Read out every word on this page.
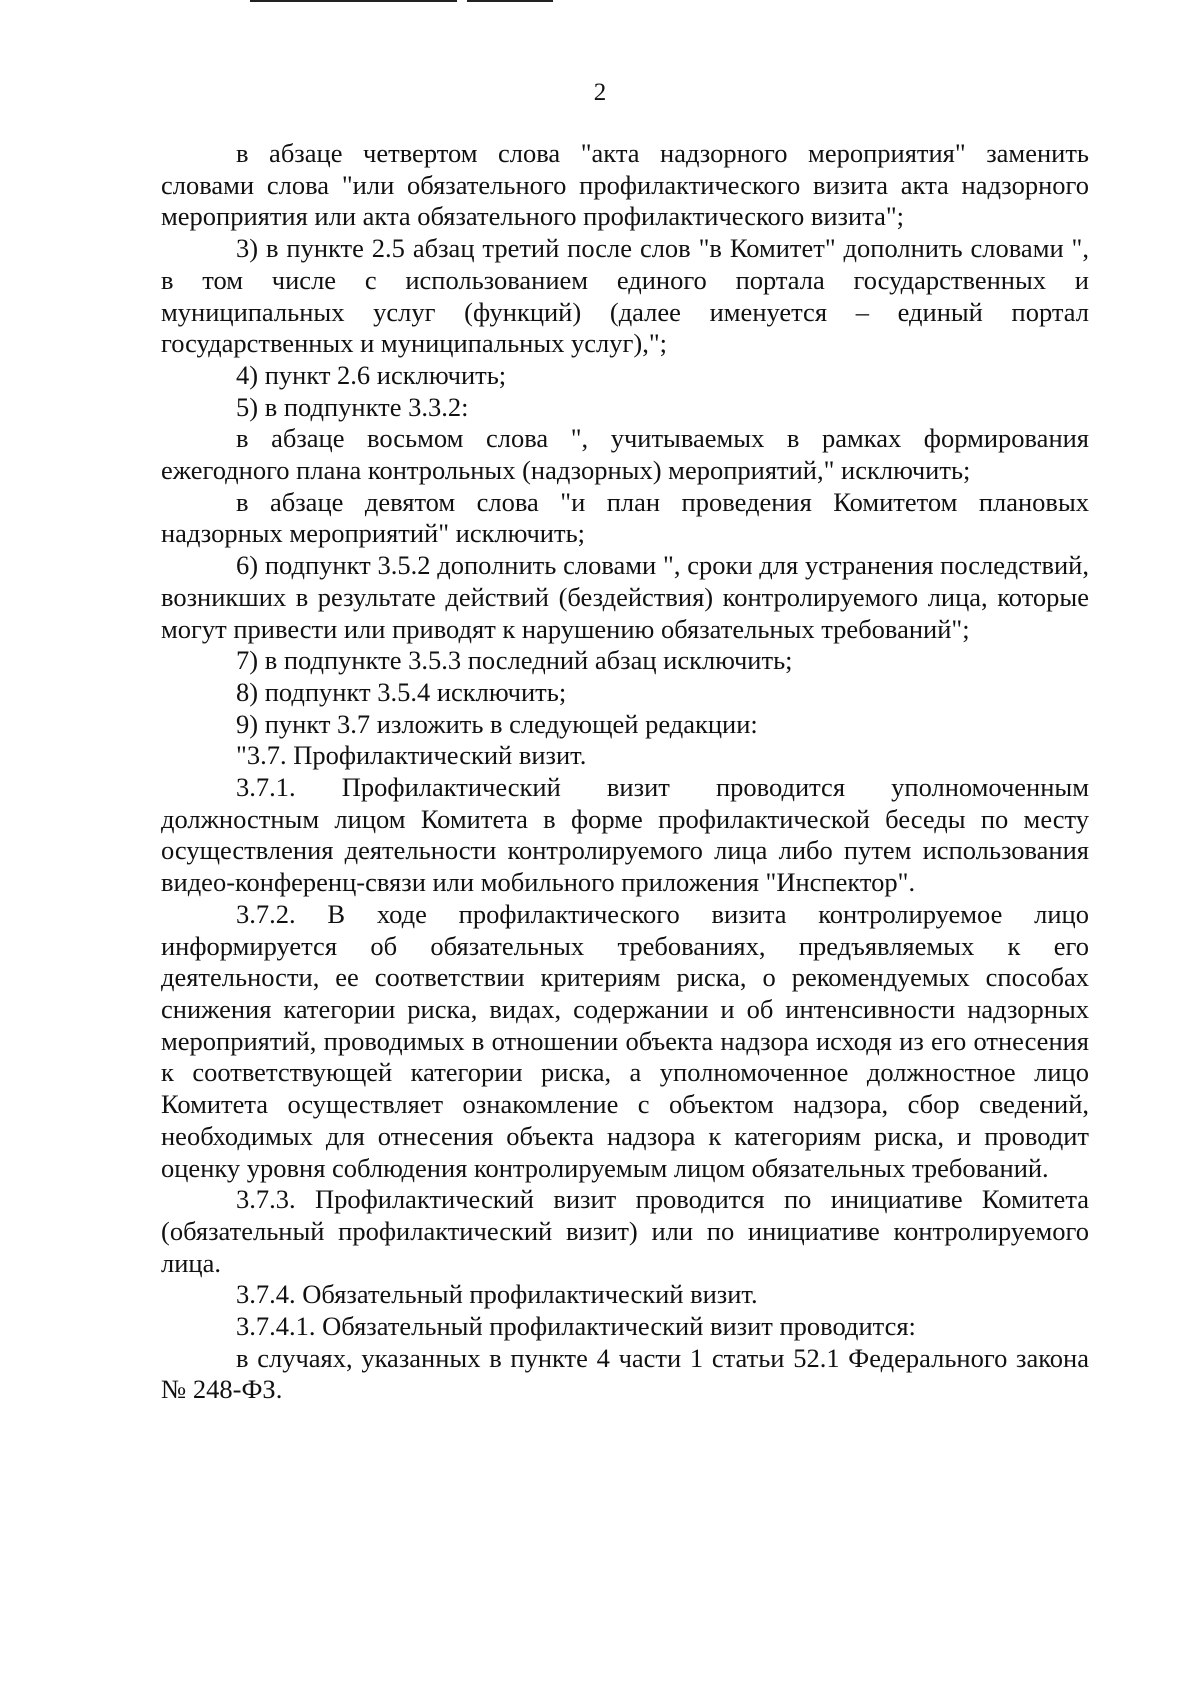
2

в абзаце четвертом слова "акта надзорного мероприятия" заменить словами слова "или обязательного профилактического визита акта надзорного мероприятия или акта обязательного профилактического визита";

3) в пункте 2.5 абзац третий после слов "в Комитет" дополнить словами ", в том числе с использованием единого портала государственных и муниципальных услуг (функций) (далее именуется – единый портал государственных и муниципальных услуг),";

4) пункт 2.6 исключить;

5) в подпункте 3.3.2:

в абзаце восьмом слова ", учитываемых в рамках формирования ежегодного плана контрольных (надзорных) мероприятий," исключить;

в абзаце девятом слова "и план проведения Комитетом плановых надзорных мероприятий" исключить;

6) подпункт 3.5.2 дополнить словами ", сроки для устранения последствий, возникших в результате действий (бездействия) контролируемого лица, которые могут привести или приводят к нарушению обязательных требований";

7) в подпункте 3.5.3 последний абзац исключить;

8) подпункт 3.5.4 исключить;

9) пункт 3.7 изложить в следующей редакции:

"3.7. Профилактический визит.

3.7.1. Профилактический визит проводится уполномоченным должностным лицом Комитета в форме профилактической беседы по месту осуществления деятельности контролируемого лица либо путем использования видео-конференц-связи или мобильного приложения "Инспектор".

3.7.2. В ходе профилактического визита контролируемое лицо информируется об обязательных требованиях, предъявляемых к его деятельности, ее соответствии критериям риска, о рекомендуемых способах снижения категории риска, видах, содержании и об интенсивности надзорных мероприятий, проводимых в отношении объекта надзора исходя из его отнесения к соответствующей категории риска, а уполномоченное должностное лицо Комитета осуществляет ознакомление с объектом надзора, сбор сведений, необходимых для отнесения объекта надзора к категориям риска, и проводит оценку уровня соблюдения контролируемым лицом обязательных требований.

3.7.3. Профилактический визит проводится по инициативе Комитета (обязательный профилактический визит) или по инициативе контролируемого лица.

3.7.4. Обязательный профилактический визит.

3.7.4.1. Обязательный профилактический визит проводится:

в случаях, указанных в пункте 4 части 1 статьи 52.1 Федерального закона № 248-ФЗ.
